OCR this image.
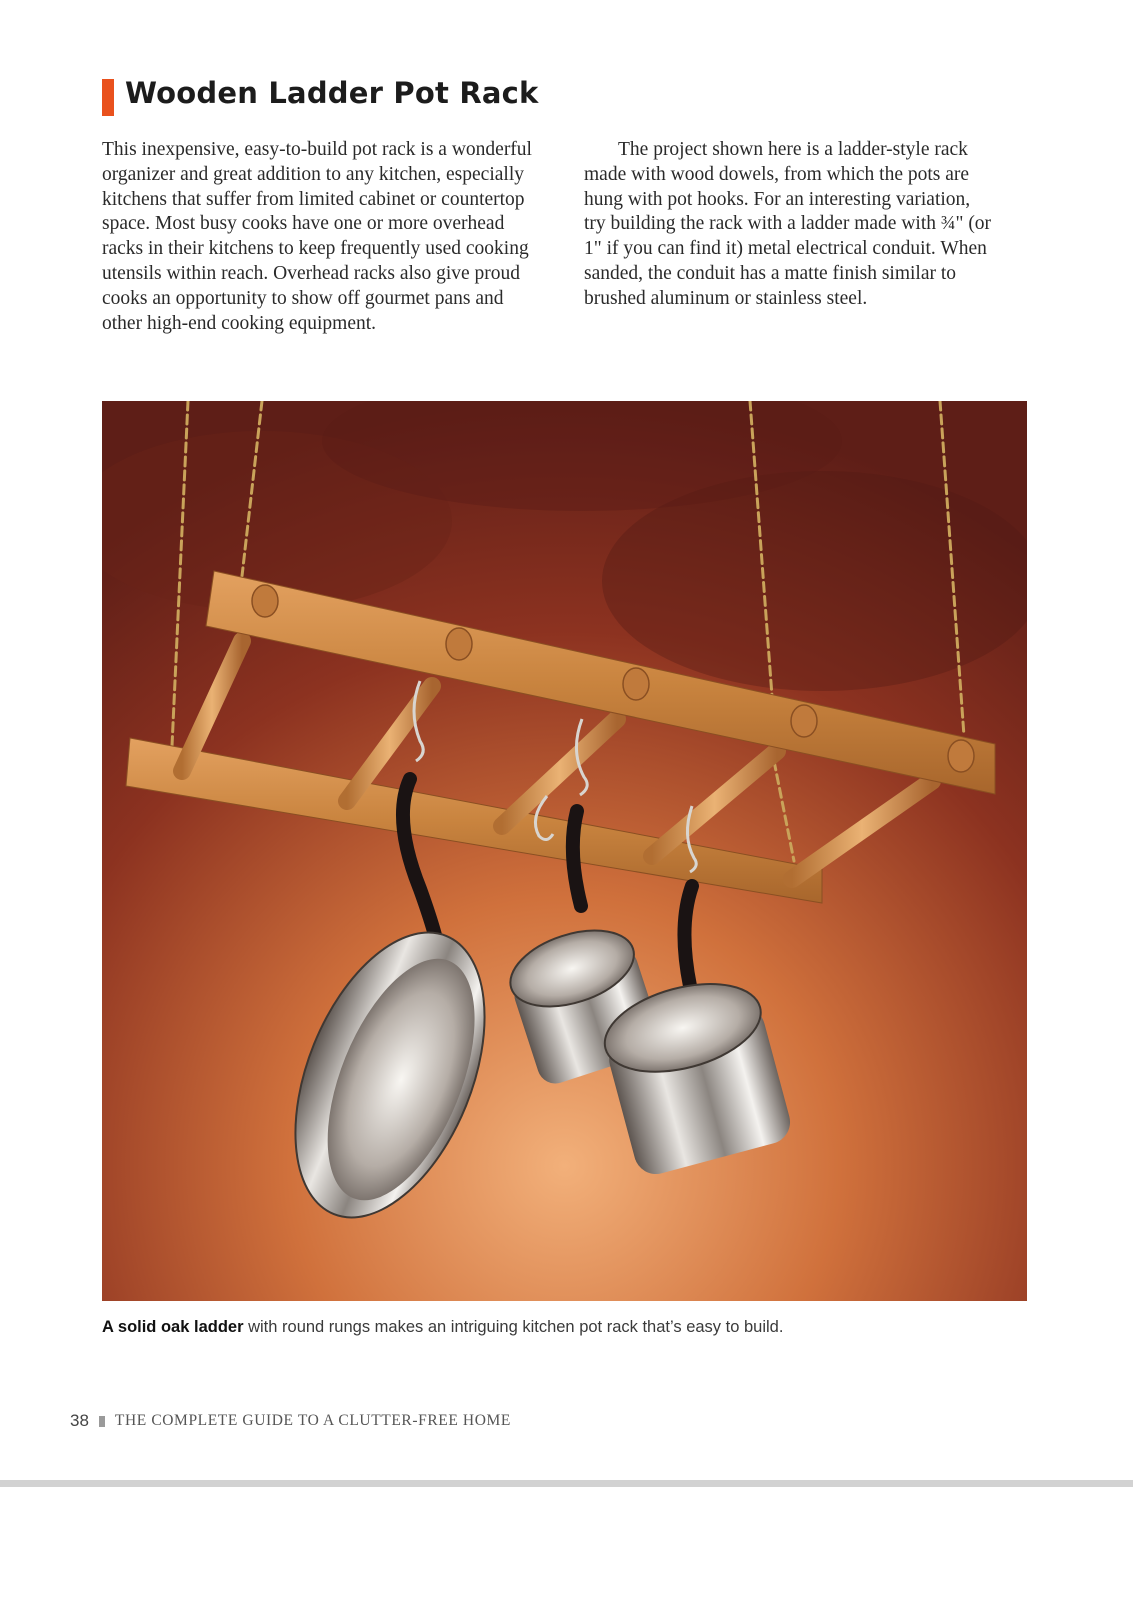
Wooden Ladder Pot Rack
This inexpensive, easy-to-build pot rack is a wonderful
organizer and great addition to any kitchen, especially
kitchens that suffer from limited cabinet or countertop
space. Most busy cooks have one or more overhead
racks in their kitchens to keep frequently used cooking
utensils within reach. Overhead racks also give proud
cooks an opportunity to show off gourmet pans and
other high-end cooking equipment.
The project shown here is a ladder-style rack
made with wood dowels, from which the pots are
hung with pot hooks. For an interesting variation,
try building the rack with a ladder made with ¾" (or
1" if you can find it) metal electrical conduit. When
sanded, the conduit has a matte finish similar to
brushed aluminum or stainless steel.

A solid oak ladder with round rungs makes an intriguing kitchen pot rack that’s easy to build.

38 THE COMPLETE GUIDE TO A CLUTTER-FREE HOME
